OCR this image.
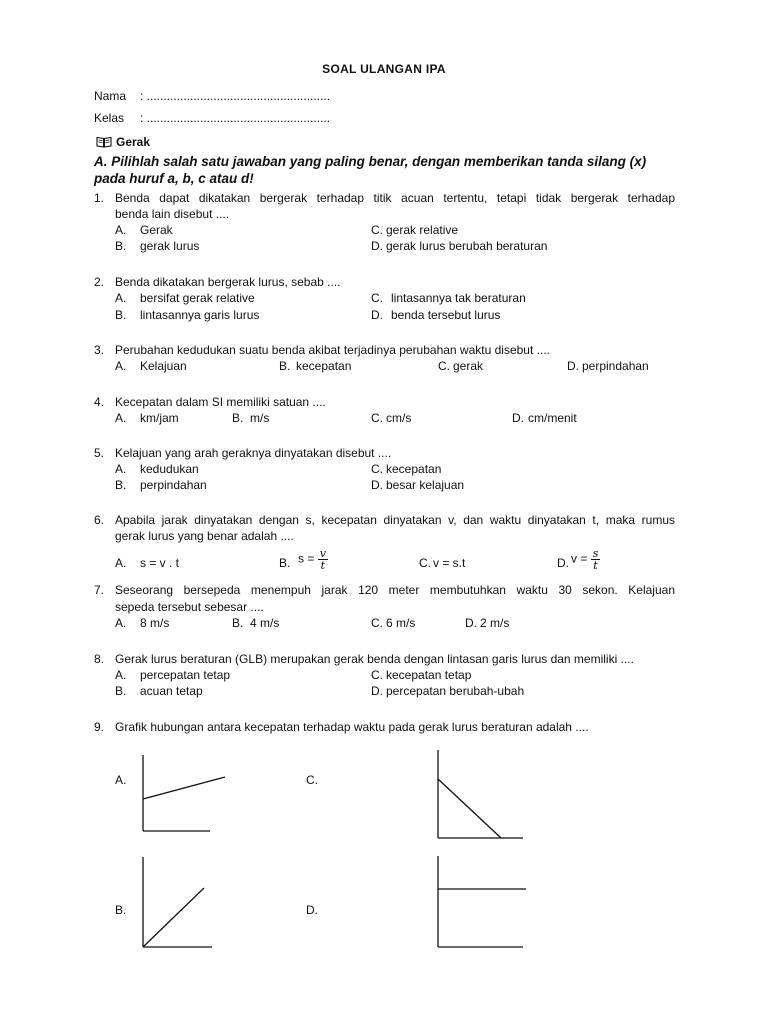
SOAL ULANGAN IPA
Nama : .......................................................
Kelas : .......................................................
Gerak
A. Pilihlah salah satu jawaban yang paling benar, dengan memberikan tanda silang (x)
pada huruf a, b, c atau d!
1. Benda dapat dikatakan bergerak terhadap titik acuan tertentu, tetapi tidak bergerak terhadap
benda lain disebut ....
A. Gerak	C. gerak relative
B. gerak lurus	D. gerak lurus berubah beraturan
2. Benda dikatakan bergerak lurus, sebab ....
A. bersifat gerak relative	C. lintasannya tak beraturan
B. lintasannya garis lurus	D. benda tersebut lurus
3. Perubahan kedudukan suatu benda akibat terjadinya perubahan waktu disebut ....
A. Kelajuan	B. kecepatan	C. gerak	D. perpindahan
4. Kecepatan dalam SI memiliki satuan ....
A. km/jam	B. m/s	C. cm/s	D. cm/menit
5. Kelajuan yang arah geraknya dinyatakan disebut ....
A. kedudukan	C. kecepatan
B. perpindahan	D. besar kelajuan
6. Apabila jarak dinyatakan dengan s, kecepatan dinyatakan v, dan waktu dinyatakan t, maka rumus
gerak lurus yang benar adalah ....
A. s = v . t	B. $s = \frac{v}{t}$	C. v = s.t	D. $v = \frac{s}{t}$
7. Seseorang bersepeda menempuh jarak 120 meter membutuhkan waktu 30 sekon. Kelajuan
sepeda tersebut sebesar ....
A. 8 m/s	B. 4 m/s	C. 6 m/s	D. 2 m/s
8. Gerak lurus beraturan (GLB) merupakan gerak benda dengan lintasan garis lurus dan memiliki ....
A. percepatan tetap	C. kecepatan tetap
B. acuan tetap	D. percepatan berubah-ubah
9. Grafik hubungan antara kecepatan terhadap waktu pada gerak lurus beraturan adalah ....
A.	C.
B.	D.
